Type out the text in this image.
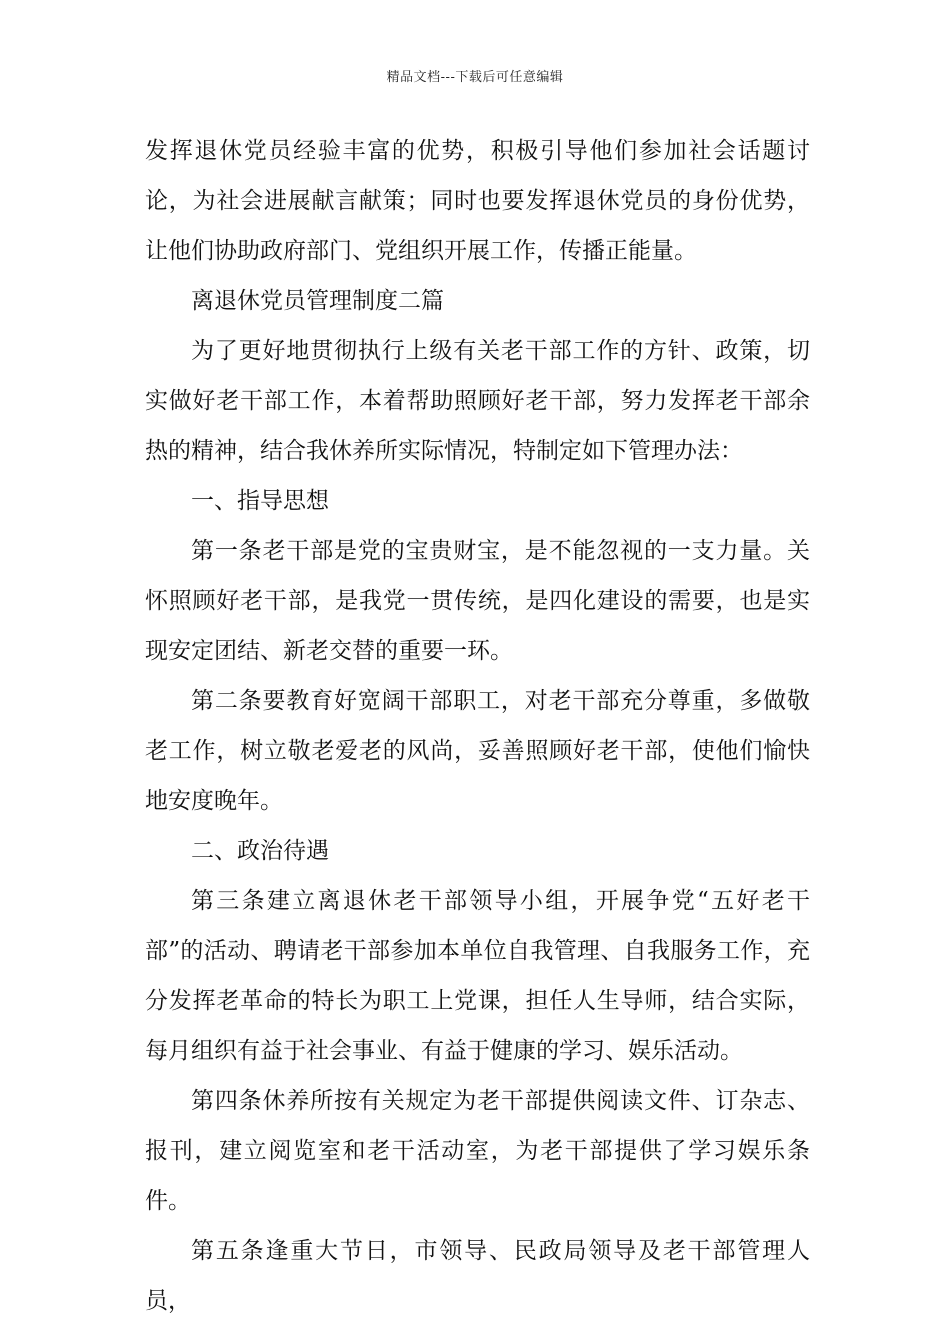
精品文档---下载后可任意编辑

发挥退休党员经验丰富的优势，积极引导他们参加社会话题讨论，为社会进展献言献策；同时也要发挥退休党员的身份优势，让他们协助政府部门、党组织开展工作，传播正能量。

离退休党员管理制度二篇

为了更好地贯彻执行上级有关老干部工作的方针、政策，切实做好老干部工作，本着帮助照顾好老干部，努力发挥老干部余热的精神，结合我休养所实际情况，特制定如下管理办法：

一、指导思想

第一条老干部是党的宝贵财宝，是不能忽视的一支力量。关怀照顾好老干部，是我党一贯传统，是四化建设的需要，也是实现安定团结、新老交替的重要一环。

第二条要教育好宽阔干部职工，对老干部充分尊重，多做敬老工作，树立敬老爱老的风尚，妥善照顾好老干部，使他们愉快地安度晚年。

二、政治待遇

第三条建立离退休老干部领导小组，开展争党“五好老干部”的活动、聘请老干部参加本单位自我管理、自我服务工作，充分发挥老革命的特长为职工上党课，担任人生导师，结合实际，每月组织有益于社会事业、有益于健康的学习、娱乐活动。

第四条休养所按有关规定为老干部提供阅读文件、订杂志、报刊，建立阅览室和老干活动室，为老干部提供了学习娱乐条件。

第五条逢重大节日，市领导、民政局领导及老干部管理人员，
